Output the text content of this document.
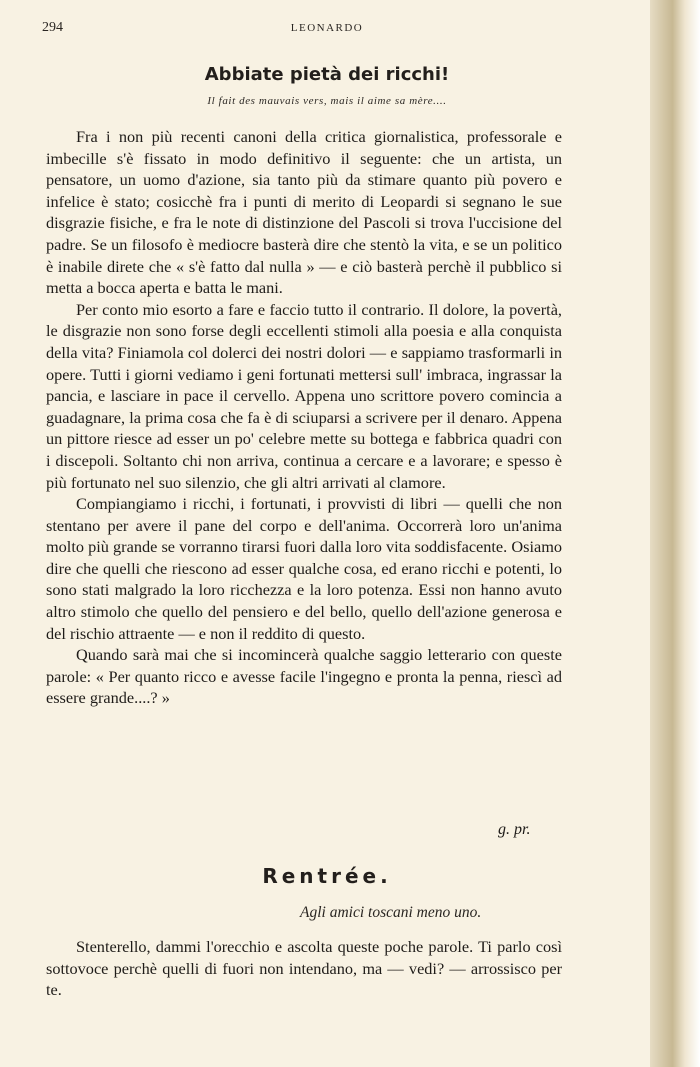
294	LEONARDO
Abbiate pietà dei ricchi!
Il fait des mauvais vers, mais il aime sa mère....

Fra i non più recenti canoni della critica giornalistica, professorale e imbecille s'è fissato in modo definitivo il seguente: che un artista, un pensatore, un uomo d'azione, sia tanto più da stimare quanto più povero e infelice è stato; cosicchè fra i punti di merito di Leopardi si segnano le sue disgrazie fisiche, e fra le note di distinzione del Pascoli si trova l'uccisione del padre. Se un filosofo è mediocre basterà dire che stentò la vita, e se un politico è inabile direte che « s'è fatto dal nulla » — e ciò basterà perchè il pubblico si metta a bocca aperta e batta le mani.

Per conto mio esorto a fare e faccio tutto il contrario. Il dolore, la povertà, le disgrazie non sono forse degli eccellenti stimoli alla poesia e alla conquista della vita? Finiamola col dolerci dei nostri dolori — e sappiamo trasformarli in opere. Tutti i giorni vediamo i geni fortunati mettersi sull' imbraca, ingrassar la pancia, e lasciare in pace il cervello. Appena uno scrittore povero comincia a guadagnare, la prima cosa che fa è di sciuparsi a scrivere per il denaro. Appena un pittore riesce ad esser un po' celebre mette su bottega e fabbrica quadri con i discepoli. Soltanto chi non arriva, continua a cercare e a lavorare; e spesso è più fortunato nel suo silenzio, che gli altri arrivati al clamore.

Compiangiamo i ricchi, i fortunati, i provvisti di libri — quelli che non stentano per avere il pane del corpo e dell'anima. Occorrerà loro un'anima molto più grande se vorranno tirarsi fuori dalla loro vita soddisfacente. Osiamo dire che quelli che riescono ad esser qualche cosa, ed erano ricchi e potenti, lo sono stati malgrado la loro ricchezza e la loro potenza. Essi non hanno avuto altro stimolo che quello del pensiero e del bello, quello dell'azione generosa e del rischio attraente — e non il reddito di questo.

Quando sarà mai che si incomincerà qualche saggio letterario con queste parole: « Per quanto ricco e avesse facile l'ingegno e pronta la penna, riescì ad essere grande....? »

g. pr.
Rentrée.
Agli amici toscani meno uno.

Stenterello, dammi l'orecchio e ascolta queste poche parole. Ti parlo così sottovoce perchè quelli di fuori non intendano, ma — vedi? — arrossisco per te.
